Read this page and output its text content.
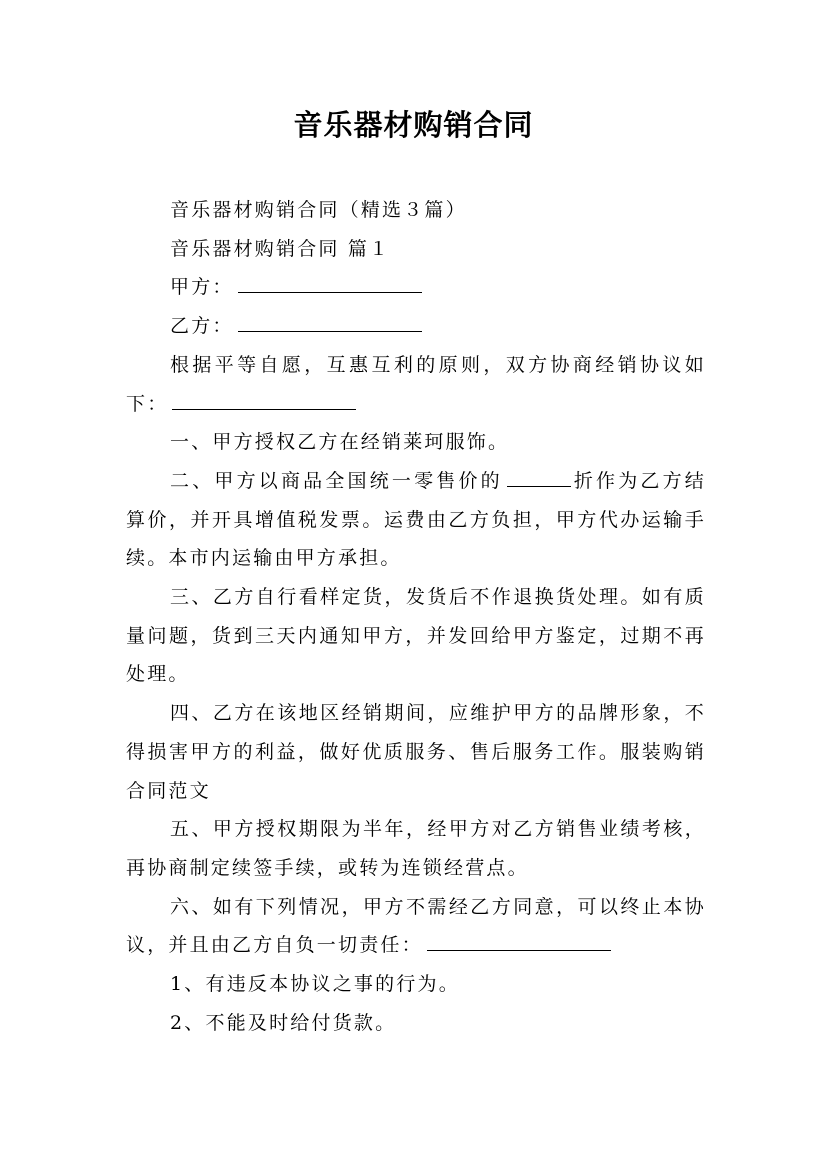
音乐器材购销合同

音乐器材购销合同（精选３篇）

音乐器材购销合同 篇１

甲方：

乙方：

根据平等自愿，互惠互利的原则，双方协商经销协议如下：

一、甲方授权乙方在经销莱珂服饰。

二、甲方以商品全国统一零售价的	折作为乙方结算价，并开具增值税发票。运费由乙方负担，甲方代办运输手续。本市内运输由甲方承担。

三、乙方自行看样定货，发货后不作退换货处理。如有质量问题，货到三天内通知甲方，并发回给甲方鉴定，过期不再处理。

四、乙方在该地区经销期间，应维护甲方的品牌形象，不得损害甲方的利益，做好优质服务、售后服务工作。服装购销合同范文

五、甲方授权期限为半年，经甲方对乙方销售业绩考核，再协商制定续签手续，或转为连锁经营点。

六、如有下列情况，甲方不需经乙方同意，可以终止本协议，并且由乙方自负一切责任：

1、有违反本协议之事的行为。

2、不能及时给付货款。
